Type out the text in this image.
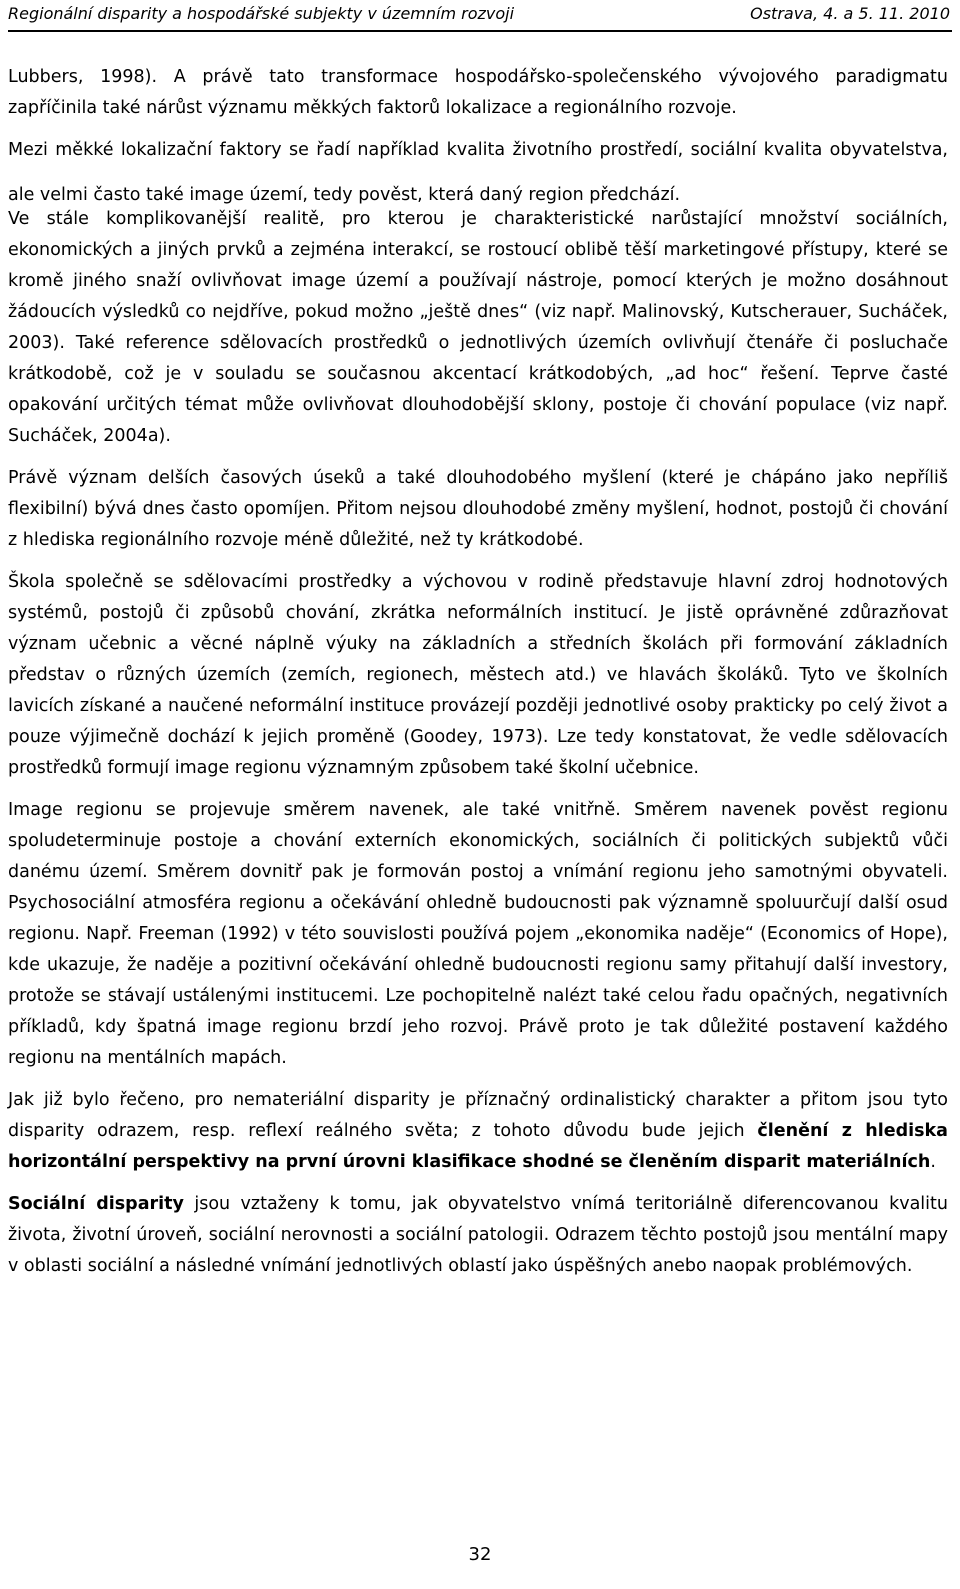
Regionální disparity a hospodářské subjekty v územním rozvoji	Ostrava, 4. a 5. 11. 2010

Lubbers, 1998). A právě tato transformace hospodářsko-společenského vývojového paradigmatu zapříčinila také nárůst významu měkkých faktorů lokalizace a regionálního rozvoje.

Mezi měkké lokalizační faktory se řadí například kvalita životního prostředí, sociální kvalita obyvatelstva, ale velmi často také image území, tedy pověst, která daný region předchází.

Ve stále komplikovanější realitě, pro kterou je charakteristické narůstající množství sociálních, ekonomických a jiných prvků a zejména interakcí, se rostoucí oblibě těší marketingové přístupy, které se kromě jiného snaží ovlivňovat image území a používají nástroje, pomocí kterých je možno dosáhnout žádoucích výsledků co nejdříve, pokud možno „ještě dnes“ (viz např. Malinovský, Kutscherauer, Sucháček, 2003). Také reference sdělovacích prostředků o jednotlivých územích ovlivňují čtenáře či posluchače krátkodobě, což je v souladu se současnou akcentací krátkodobých, „ad hoc“ řešení. Teprve časté opakování určitých témat může ovlivňovat dlouhodobější sklony, postoje či chování populace (viz např. Sucháček, 2004a).

Právě význam delších časových úseků a také dlouhodobého myšlení (které je chápáno jako nepříliš flexibilní) bývá dnes často opomíjen. Přitom nejsou dlouhodobé změny myšlení, hodnot, postojů či chování z hlediska regionálního rozvoje méně důležité, než ty krátkodobé.

Škola společně se sdělovacími prostředky a výchovou v rodině představuje hlavní zdroj hodnotových systémů, postojů či způsobů chování, zkrátka neformálních institucí. Je jistě oprávněné zdůrazňovat význam učebnic a věcné náplně výuky na základních a středních školách při formování základních představ o různých územích (zemích, regionech, městech atd.) ve hlavách školáků. Tyto ve školních lavicích získané a naučené neformální instituce provázejí později jednotlivé osoby prakticky po celý život a pouze výjimečně dochází k jejich proměně (Goodey, 1973). Lze tedy konstatovat, že vedle sdělovacích prostředků formují image regionu významným způsobem také školní učebnice.

Image regionu se projevuje směrem navenek, ale také vnitřně. Směrem navenek pověst regionu spoludeterminuje postoje a chování externích ekonomických, sociálních či politických subjektů vůči danému území. Směrem dovnitř pak je formován postoj a vnímání regionu jeho samotnými obyvateli. Psychosociální atmosféra regionu a očekávání ohledně budoucnosti pak významně spoluurčují další osud regionu. Např. Freeman (1992) v této souvislosti používá pojem „ekonomika naděje“ (Economics of Hope), kde ukazuje, že naděje a pozitivní očekávání ohledně budoucnosti regionu samy přitahují další investory, protože se stávají ustálenými institucemi. Lze pochopitelně nalézt také celou řadu opačných, negativních příkladů, kdy špatná image regionu brzdí jeho rozvoj. Právě proto je tak důležité postavení každého regionu na mentálních mapách.

Jak již bylo řečeno, pro nemateriální disparity je příznačný ordinalistický charakter a přitom jsou tyto disparity odrazem, resp. reflexí reálného světa; z tohoto důvodu bude jejich členění z hlediska horizontální perspektivy na první úrovni klasifikace shodné se členěním disparit materiálních.

Sociální disparity jsou vztaženy k tomu, jak obyvatelstvo vnímá teritoriálně diferencovanou kvalitu života, životní úroveň, sociální nerovnosti a sociální patologii. Odrazem těchto postojů jsou mentální mapy v oblasti sociální a následné vnímání jednotlivých oblastí jako úspěšných anebo naopak problémových.

32
